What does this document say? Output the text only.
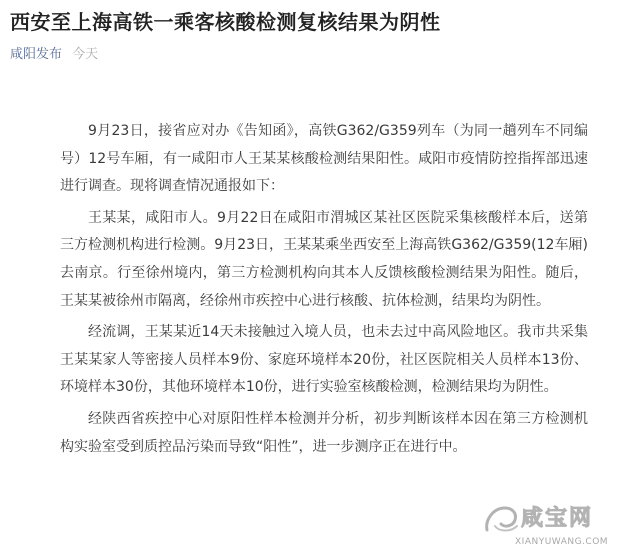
西安至上海高铁一乘客核酸检测复核结果为阴性
咸阳发布 今天

9月23日，接省应对办《告知函》，高铁G362/G359列车（为同一趟列车不同编号）12号车厢，有一咸阳市人王某某核酸检测结果阳性。咸阳市疫情防控指挥部迅速进行调查。现将调查情况通报如下：

王某某，咸阳市人。9月22日在咸阳市渭城区某社区医院采集核酸样本后，送第三方检测机构进行检测。9月23日，王某某乘坐西安至上海高铁G362/G359(12车厢)去南京。行至徐州境内，第三方检测机构向其本人反馈核酸检测结果为阳性。随后，王某某被徐州市隔离，经徐州市疾控中心进行核酸、抗体检测，结果均为阴性。

经流调，王某某近14天未接触过入境人员，也未去过中高风险地区。我市共采集王某某家人等密接人员样本9份、家庭环境样本20份，社区医院相关人员样本13份、环境样本30份，其他环境样本10份，进行实验室核酸检测，检测结果均为阴性。

经陕西省疾控中心对原阳性样本检测并分析，初步判断该样本因在第三方检测机构实验室受到质控品污染而导致“阳性”，进一步测序正在进行中。

咸宝网
XIANYUWANG.COM
